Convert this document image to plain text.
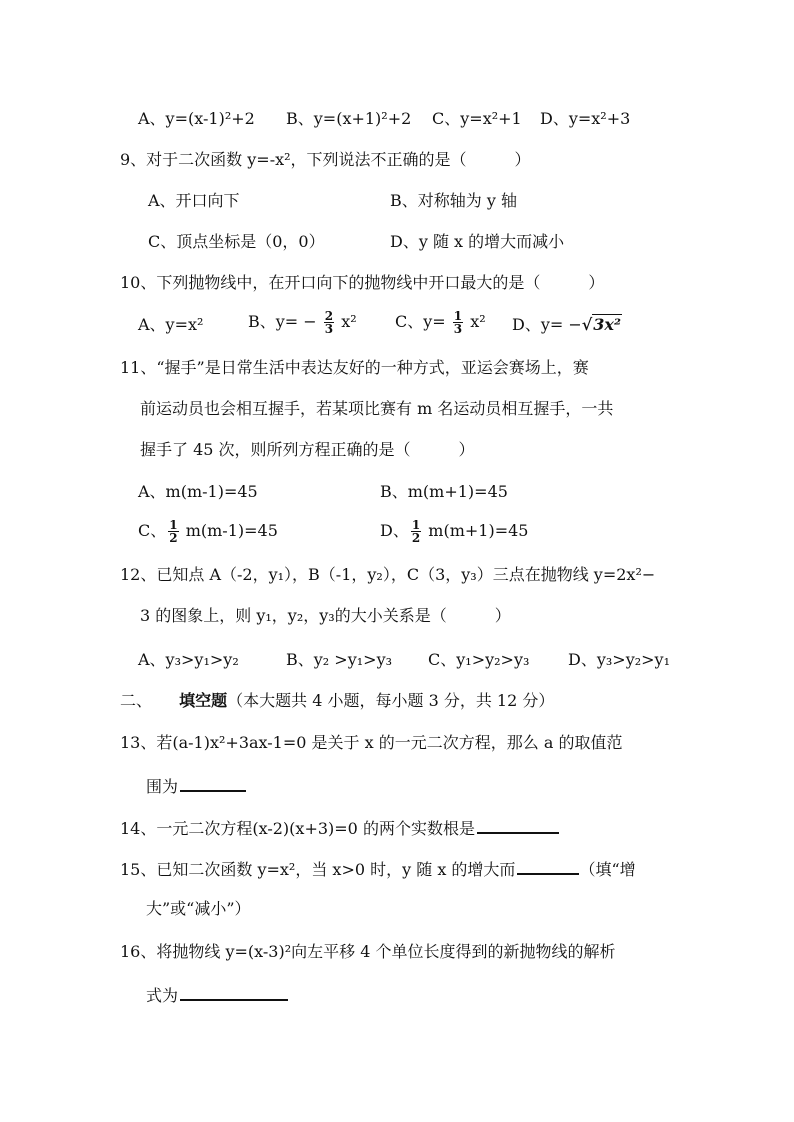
A、y=(x-1)²+2 B、y=(x+1)²+2 C、y=x²+1 D、y=x²+3
9、对于二次函数 y=-x²，下列说法不正确的是（　　　）
A、开口向下	B、对称轴为 y 轴
C、顶点坐标是（0，0）	D、y 随 x 的增大而减小
10、下列抛物线中，在开口向下的抛物线中开口最大的是（　　　）
A、y=x²	B、$y= - \frac{2}{3} x^2$ C、$y= \frac{1}{3} x^2$ D、y= −√3x²
11、“握手”是日常生活中表达友好的一种方式，亚运会赛场上，赛
前运动员也会相互握手，若某项比赛有 m 名运动员相互握手，一共
握手了 45 次，则所列方程正确的是（　　　）
A、m(m-1)=45	B、m(m+1)=45
C、 $\frac{1}{2} m(m-1)=45$	D、 $\frac{1}{2} m(m+1)=45$
12、已知点 A（-2，y₁），B（-1，y₂），C（3，y₃）三点在抛物线 y=2x²−
3 的图象上，则 y₁，y₂，y₃的大小关系是（　　　）
A、y₃>y₁>y₂	B、y₂ >y₁>y₃ C、y₁>y₂>y₃ D、y₃>y₂>y₁
二、 填空题（本大题共 4 小题，每小题 3 分，共 12 分）
13、若(a-1)x²+3ax-1=0 是关于 x 的一元二次方程，那么 a 的取值范
围为
14、一元二次方程(x-2)(x+3)=0 的两个实数根是
15、已知二次函数 y=x²，当 x>0 时，y 随 x 的增大而	（填“增
大”或“减小”）
16、将抛物线 y=(x-3)²向左平移 4 个单位长度得到的新抛物线的解析
式为
